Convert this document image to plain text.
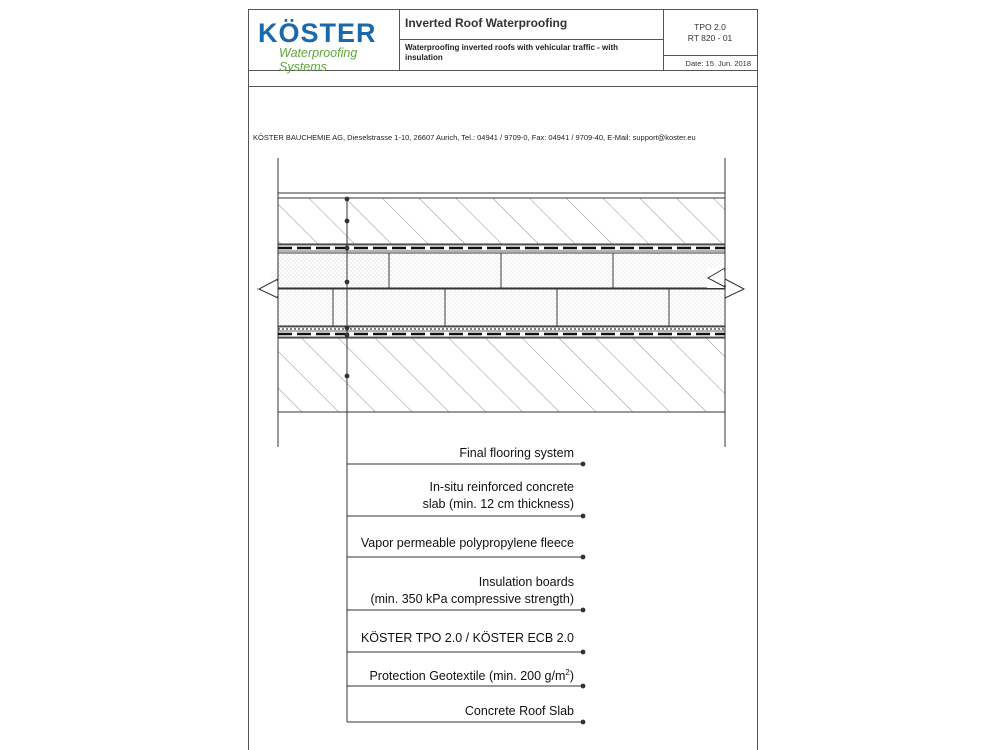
KÖSTER
Waterproofing Systems
Inverted Roof Waterproofing
Waterproofing inverted roofs with vehicular traffic - with insulation
TPO 2.0
RT 820 - 01
Date: 15. Jun. 2018
KÖSTER BAUCHEMIE AG, Dieselstrasse 1-10, 26607 Aurich, Tel.: 04941 / 9709-0, Fax: 04941 / 9709-40, E-Mail: support@koster.eu
Final flooring system
In-situ reinforced concrete
slab (min. 12 cm thickness)
Vapor permeable polypropylene fleece
Insulation boards
(min. 350 kPa compressive strength)
KÖSTER TPO 2.0 / KÖSTER ECB 2.0
Protection Geotextile (min. 200 $g/m^2$)
Concrete Roof Slab
